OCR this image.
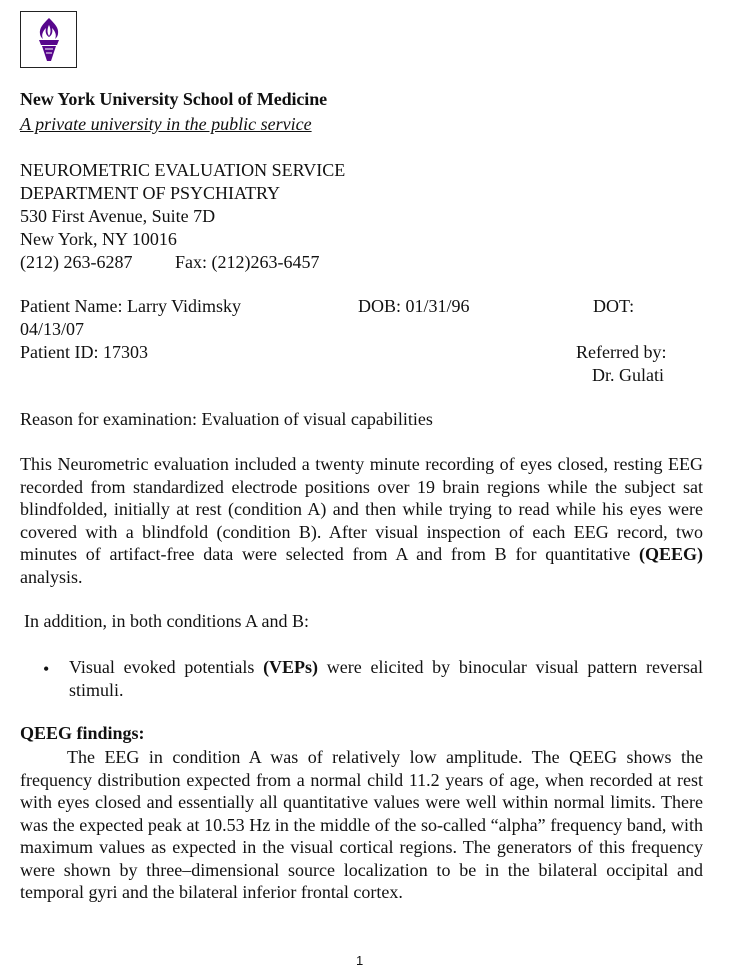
New York University School of Medicine
A private university in the public service
NEUROMETRIC EVALUATION SERVICE
DEPARTMENT OF PSYCHIATRY
530 First Avenue, Suite 7D
New York, NY 10016
(212) 263-6287 Fax: (212)263-6457
Patient Name: Larry Vidimsky	DOB: 01/31/96	DOT:
04/13/07
Patient ID: 17303	Referred by:
Dr. Gulati
Reason for examination: Evaluation of visual capabilities

This Neurometric evaluation included a twenty minute recording of eyes closed, resting EEG recorded from standardized electrode positions over 19 brain regions while the subject sat blindfolded, initially at rest (condition A) and then while trying to read while his eyes were covered with a blindfold (condition B). After visual inspection of each EEG record, two minutes of artifact-free data were selected from A and from B for quantitative (QEEG) analysis.

In addition, in both conditions A and B:
• Visual evoked potentials (VEPs) were elicited by binocular visual pattern reversal stimuli.

QEEG findings:

The EEG in condition A was of relatively low amplitude. The QEEG shows the frequency distribution expected from a normal child 11.2 years of age, when recorded at rest with eyes closed and essentially all quantitative values were well within normal limits. There was the expected peak at 10.53 Hz in the middle of the so-called “alpha” frequency band, with maximum values as expected in the visual cortical regions. The generators of this frequency were shown by three–dimensional source localization to be in the bilateral occipital and temporal gyri and the bilateral inferior frontal cortex.

1
